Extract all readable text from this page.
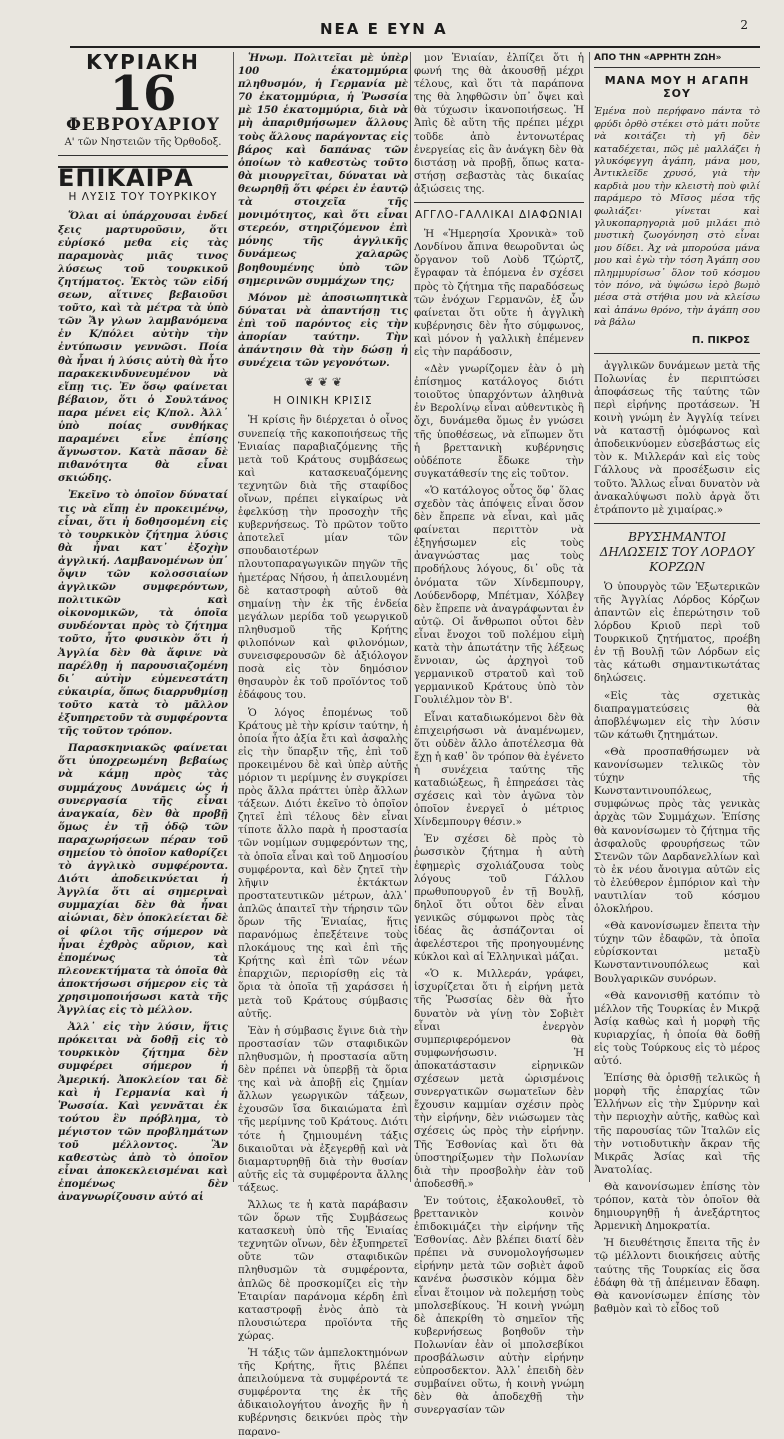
ΝΕΑ Ε ΕΥΝ Α	2
ΚΥΡΙΑΚΗ
16
ΦΕΒΡΟΥΑΡΙΟΥ
Α' τῶν Νηστειῶν τῆς Ὀρθοδοξ.
ΕΠΙΚΑΙΡΑ
Η ΛΥΣΙΣ ΤΟΥ ΤΟΥΡΚΙΚΟΥ

Ὅλαι αἱ ὑπάρχουσαι ἐνδεί ξεις μαρτυροῦσιν, ὅτι εὐρίσκό μεθα εἰς τὰς παραμονὰς μιᾶς τινος λύσεως τοῦ τουρκικοῦ ζητήματος. Ἐκτὸς τῶν εἰδή σεων, αἵτινες βεβαιοῦσι τοῦτο, καὶ τὰ μέτρα τὰ ὑπὸ τῶν Ἄγ γλων λαμβανόμενα ἐν Κ/πόλει αὐτὴν τὴν ἐντύπωσιν γεννῶσι. Ποία θὰ ἦναι ἡ λύσις αὐτὴ θὰ ἦτο παρακεκινδυνευμένον νὰ εἴπῃ τις. Ἐν ὅσῳ φαίνεται βέβαιον, ὅτι ὁ Σουλτάνος παρα μένει εἰς Κ/πολ. Ἀλλ᾽ ὑπὸ ποίας συνθήκας παραμένει εἶνε ἐπίσης ἄγνωστον. Κατὰ πᾶσαν δὲ πιθανότητα θὰ εἶναι σκιώδης.

Ἐκεῖνο τὸ ὁποῖον δύναταί τις νὰ εἴπῃ ἐν προκειμένῳ, εἶναι, ὅτι ἡ δοθησομένη εἰς τὸ τουρκικὸν ζήτημα λύσις θὰ ἦναι κατ᾽ ἐξοχὴν ἀγγλική. Λαμβανομένων ὑπ᾽ ὄψιν τῶν κολοσσιαίων ἀγγλικῶν συμφερόντων, πολιτικῶν καὶ οἰκονομικῶν, τὰ ὁποῖα συνδέονται πρὸς τὸ ζήτημα τοῦτο, ἦτο φυσικὸν ὅτι ἡ Ἀγγλία δὲν θὰ ἄφινε νὰ παρέλθῃ ἡ παρουσιαζομένη δι᾽ αὐτὴν εὐμενεστάτη εὐκαιρία, ὅπως διαρρυθμίσῃ τοῦτο κατὰ τὸ μᾶλλον ἐξυπηρετοῦν τὰ συμφέροντα τῆς τοῦτον τρόπον.

Παρασκηνιακῶς φαίνεται ὅτι ὑποχρεωμένη βεβαίως νὰ κάμῃ πρὸς τὰς συμμάχους Δυνάμεις ὡς ἡ συνεργασία τῆς εἶναι ἀναγκαία, δὲν θὰ προβῇ ὅμως ἐν τῇ ὁδῷ τῶν παραχωρήσεων πέραν τοῦ σημείου τὸ ὁποῖον καθορίζει τὸ ἀγγλικὸ συμφέροντα. Διότι ἀποδεικνύεται ἡ Ἀγγλία ὅτι αἱ σημεριναὶ συμμαχίαι δὲν θὰ ἦναι αἰώνιαι, δὲν ὁποκλείεται δὲ οἱ φίλοι τῆς σήμερον νὰ ἦναι ἐχθρὸς αὔριον, καὶ ἐπομένως τὰ πλεονεκτήματα τὰ ὁποῖα θὰ ἀποκτήσωσι σήμερον εἰς τὰ χρησιμοποιήσωσι κατὰ τῆς Ἀγγλίας εἰς τὸ μέλλον.

Ἀλλ᾽ εἰς τὴν λύσιν, ἥτις πρόκειται νὰ δοθῇ εἰς τὸ τουρκικὸν ζήτημα δὲν συμφέρει σήμερον ἡ Ἀμερική. Ἀποκλείον ται δὲ καὶ ἡ Γερμανία καὶ ἡ Ῥωσσία. Καὶ γεννᾶται ἐκ τούτου ἓν πρόβλημα, τὸ μέγιστον τῶν προβλημάτων τοῦ μέλλοντος. Ἂν καθεστὼς ἀπὸ τὸ ὁποῖον εἶναι ἀποκεκλεισμέναι καὶ ἐπομένως δὲν ἀναγνωρίζουσιν αὐτό αἱ

Ἡνωμ. Πολιτεῖαι μὲ ὑπὲρ 100 ἑκατομμύρια πληθυσμόν, ἡ Γερμανία μὲ 70 ἑκατομμύρια, ἡ Ῥωσσία μὲ 150 ἑκατομμύρια, διὰ νὰ μὴ ἀπαριθμήσωμεν ἄλλους τοὺς ἄλλους παράγοντας εἰς βάρος καὶ δαπάνας τῶν ὁποίων τὸ καθεστὼς τοῦτο θὰ μιουργεῖται, δύναται νὰ θεωρηθῇ ὅτι φέρει ἐν ἑαυτῷ τὰ στοιχεῖα τῆς μονιμότητος, καὶ ὅτι εἶναι στερεόν, στηριζόμενον ἐπὶ μόνης τῆς ἀγγλικῆς δυνάμεως χαλαρῶς βοηθουμένης ὑπὸ τῶν σημερινῶν συμμάχων της;

Μόνον μὲ ἀποσιωπητικὰ δύναται νὰ ἀπαντήσῃ τις ἐπὶ τοῦ παρόντος εἰς τὴν ἀπορίαν ταύτην. Τὴν ἀπάντησιν θὰ τὴν δώσῃ ἡ συνέχεια τῶν γεγονότων.

❦ ❦ ❦
Η ΟΙΝΙΚΗ ΚΡΙΣΙΣ

Ἡ κρίσις ἣν διέρχεται ὁ οἶνος συνεπείᾳ τῆς κακοποιήσεως τῆς Ἑνιαίας παραβιαζόμενης τῆς μετὰ τοῦ Κράτους συμβάσεως καὶ κατασκευαζόμενης τεχνητῶν διὰ τῆς σταφίδος οἴνων, πρέπει εἰγκαίρως νὰ ἐφελκύσῃ τὴν προσοχὴν τῆς κυβερνήσεως. Τὸ πρῶτον τοῦτο ἀποτελεῖ μίαν τῶν σπουδαιοτέρων πλουτοπαραγωγικῶν πηγῶν τῆς ἡμετέρας Νήσου, ἡ ἀπειλουμένη δὲ καταστροφὴ αὐτοῦ θὰ σημαίνῃ τὴν ἐκ τῆς ἐνδεία μεγάλων μερίδα τοῦ γεωργικοῦ πληθυσμοῦ τῆς Κρήτης φιλοπόνων καὶ φιλονόμων, συνεισφερουσῶν δὲ ἀξιόλογον ποσὰ εἰς τὸν δημόσιον θησαυρὸν ἐκ τοῦ προϊόντος τοῦ ἐδάφους του.

Ὁ λόγος ἐπομένως τοῦ Κράτους μὲ τὴν κρίσιν ταύτην, ἡ ὁποία ἦτο ἀξία ἔτι καὶ ἀσφαλὴς εἰς τὴν ὕπαρξιν τῆς, ἐπὶ τοῦ προκειμένου δὲ καὶ ὑπὲρ αὐτῆς μόριον τι μερίμνης ἐν συγκρίσει πρὸς ἄλλα πράττει ὑπὲρ ἄλλων τάξεων. Διότι ἐκεῖνο τὸ ὁποῖον ζητεῖ ἐπὶ τέλους δὲν εἶναι τίποτε ἄλλο παρὰ ἡ προστασία τῶν νομίμων συμφερόντων της, τὰ ὁποῖα εἶναι καὶ τοῦ Δημοσίου συμφέροντα, καὶ δὲν ζητεῖ τὴν λῆψιν ἐκτάκτων προστατευτικῶν μέτρων, ἀλλ᾽ ἁπλῶς ἀπαιτεῖ τὴν τήρησιν τῶν ὅρων τῆς Ἑνιαίας, ἥτις παρανόμως ἐπεξέτεινε τοὺς πλοκάμους της καὶ ἐπὶ τῆς Κρήτης καὶ ἐπὶ τῶν νέων ἐπαρχιῶν, περιορίσθῃ εἰς τὰ ὅρια τὰ ὁποῖα τῇ χαράσσει ἡ μετὰ τοῦ Κράτους σύμβασις αὐτῆς.

Ἐὰν ἡ σύμβασις ἔγινε διὰ τὴν προστασίαν τῶν σταφιδικῶν πληθυσμῶν, ἡ προστασία αὕτη δὲν πρέπει νὰ ὑπερβῇ τὰ ὅρια της καὶ νὰ ἀποβῇ εἰς ζημίαν ἄλλων γεωργικῶν τάξεων, ἐχουσῶν ἴσα δικαιώματα ἐπὶ τῆς μερίμνης τοῦ Κράτους. Διότι τότε ἡ ζημιουμένη τάξις δικαιοῦται νὰ ἐξεγερθῇ καὶ νὰ διαμαρτυρηθῇ διὰ τὴν θυσίαν αὐτῆς εἰς τὰ συμφέροντα ἄλλης τάξεως.

Ἄλλως τε ἡ κατὰ παράβασιν τῶν ὅρων τῆς Συμβάσεως κατασκευὴ ὑπὸ τῆς Ἑνιαίας τεχνητῶν οἴνων, δὲν ἐξυπηρετεῖ οὔτε τῶν σταφιδικῶν πληθυσμῶν τὰ συμφέροντα, ἀπλῶς δὲ προσκομίζει εἰς τὴν Ἑταιρίαν παράνομα κέρδη ἐπὶ καταστροφῇ ἑνὸς ἀπὸ τὰ πλουσιώτερα προϊόντα τῆς χώρας.

Ἡ τάξις τῶν ἀμπελοκτημόνων τῆς Κρήτης, ἥτις βλέπει ἀπειλούμενα τὰ συμφέροντά τε συμφέροντα της ἐκ τῆς ἀδικαιολογήτου ἀνοχῆς ἣν ἡ κυβέρνησις δεικνύει πρὸς τὴν παρανο-

μον Ἑνιαίαν, ἐλπίζει ὅτι ἡ φωνή της θὰ ἀκουσθῇ μέχρι τέλους, καὶ ὅτι τὰ παράπονα της θὰ ληφθῶσιν ὑπ᾽ ὄψει καὶ θὰ τύχωσιν ἱκανοποιήσεως. Ἡ Ἀπὶς δὲ αὕτη τῆς πρέπει μέχρι τοῦδε ἀπὸ ἐντονωτέρας ἐνεργείας εἰς ἂν ἀνάγκη δὲν θὰ διστάσῃ νὰ προβῇ, ὅπως κατα- στήσῃ σεβαστὰς τὰς δικαίας ἀξιώσεις της.

ΑΓΓΛΟ-ΓΑΛΛΙΚΑΙ ΔΙΑΦΩΝΙΑΙ

Ἡ «Ἡμερησία Χρονικὰ» τοῦ Λονδίνου ἄπινα θεωροῦνται ὡς ὄργανον τοῦ Λοὺδ Τζώρτζ, ἔγραφαν τὰ ἑπόμενα ἐν σχέσει πρὸς τὸ ζήτημα τῆς παραδόσεως τῶν ἐνόχων Γερμανῶν, ἐξ ὧν φαίνεται ὅτι οὔτε ἡ ἀγγλικὴ κυβέρνησις δὲν ἦτο σύμφωνος, καὶ μόνον ἡ γαλλικὴ ἐπέμενεν εἰς τὴν παράδοσιν,

«Δὲν γνωρίζομεν ἐὰν ὁ μὴ ἐπίσημος κατάλογος διότι τοιοῦτος ὑπαρχόντων ἀληθινὰ ἐν Βερολίνῳ εἶναι αὐθεντικὸς ἢ ὄχι, δυνάμεθα ὅμως ἐν γνώσει τῆς ὑποθέσεως, νὰ εἴπωμεν ὅτι ἡ βρεττανικὴ κυβέρνησις οὐδέποτε ἔδωκε τὴν συγκατάθεσίν της εἰς τοῦτον.

«Ὁ κατάλογος οὗτος ὅφ᾽ ὅλας σχεδὸν τὰς ἀπόψεις εἶναι ὅσον δὲν ἔπρεπε νὰ εἶναι, καὶ μᾶς φαίνεται περιττὸν νὰ ἐξηγήσωμεν εἰς τοὺς ἀναγνώστας μας τοὺς προδήλους λόγους, δι᾽ οὓς τὰ ὀνόματα τῶν Χίνδεμπουργ, Λούδενδορφ, Μπέτμαν, Χόλβεγ δὲν ἔπρεπε νὰ ἀναγράφωνται ἐν αὐτῷ. Οἱ ἄνθρωποι οὗτοι δὲν εἶναι ἔνοχοι τοῦ πολέμου εἰμὴ κατὰ τὴν ἀπωτάτην τῆς λέξεως ἔννοιαν, ὡς ἀρχηγοὶ τοῦ γερμανικοῦ στρατοῦ καὶ τοῦ γερμανικοῦ Κράτους ὑπὸ τὸν Γουλιέλμον τὸν Β'.

Εἶναι καταδιωκόμενοι δὲν θὰ ἐπιχειρήσωσι νὰ ἀναμένωμεν, ὅτι οὐδὲν ἄλλο ἀποτέλεσμα θὰ ἔχῃ ἡ καθ᾽ ὃν τρόπον θὰ ἐγένετο ἡ συνέχεια ταύτης τῆς καταδιώξεως, ἢ ἐπηρεάσει τὰς σχέσεις καὶ τὸν ἀγῶνα τὸν ὁποῖον ἐνεργεῖ ὁ μέτριος Χίνδεμπουργ θέσιν.»

Ἐν σχέσει δὲ πρὸς τὸ ῥωσσικὸν ζήτημα ἡ αὐτὴ ἐφημερὶς σχολιάζουσα τοὺς λόγους τοῦ Γάλλου πρωθυπουργοῦ ἐν τῇ Βουλῇ, δηλοῖ ὅτι οὗτοι δὲν εἶναι γενικῶς σύμφωνοι πρὸς τὰς ἰδέας ἃς ἀσπάζονται οἱ ἀφελέστεροι τῆς προηγουμένης κύκλοι καὶ αἱ Ἑλληνικαὶ μάζαι.

«Ὁ κ. Μιλλεράν, γράφει, ἰσχυρίζεται ὅτι ἡ εἰρήνη μετὰ τῆς Ῥωσσίας δὲν θὰ ἦτο δυνατὸν νὰ γίνῃ τὸν Σοβιὲτ εἶναι ἐνεργὸν συμπεριφερόμενον θὰ συμφωνήσωσιν. Ἡ ἀποκατάστασιν εἰρηνικῶν σχέσεων μετὰ ὡρισμένοις συνεργατικῶν σωματεῖων δὲν ἔχουσιν καμμίαν σχέσιν πρὸς τὴν εἰρήνην, δὲν νιώσωμεν τὰς σχέσεις ὡς πρὸς τὴν εἰρήνην. Τῆς Ἑσθονίας καὶ ὅτι θὰ ὑποστηρίξωμεν τὴν Πολωνίαν διὰ τὴν προσβολὴν ἐὰν τοῦ ἀποδεσθῆ.»

Ἐν τούτοις, ἐξακολουθεῖ, τὸ βρεττανικὸν κοινὸν ἐπιδοκιμάζει τὴν εἰρήνην τῆς Ἑσθονίας. Δὲν βλέπει διατί δὲν πρέπει νὰ συνομολογήσωμεν εἰρήνην μετὰ τῶν σοβιὲτ ἀφοῦ κανένα ῥωσσικὸν κόμμα δὲν εἶναι ἕτοιμον νὰ πολεμήσῃ τοὺς μπολσεβίκους. Ἡ κοινὴ γνώμη δὲ ἀπεκρίθη τὸ σημεῖον τῆς κυβερνήσεως βοηθοῦν τὴν Πολωνίαν ἐὰν οἱ μπολσεβίκοι προσβάλωσιν αὐτὴν εἰρήνην εὐπροσδεκτον. Ἀλλ᾽ ἐπειδὴ δὲν συμβαίνει οὕτω, ἡ κοινὴ γνώμη δὲν θὰ ἀποδεχθῇ τὴν συνεργασίαν τῶν

ΑΠΟ ΤΗΝ «ΑΡΡΗΤΗ ΖΩΗ»
ΜΑΝΑ ΜΟΥ Η ΑΓΑΠΗ ΣΟΥ

Ἐμένα ποὺ περήφανο πάντα τὸ φρύδι ὀρθὸ στέκει στὸ μάτι ποὔτε νὰ κοιτάζει τὴ γῆ δὲν καταδέχεται, πῶς μὲ μαλλάζει ἡ γλυκόφεγγη ἀγάπη, μάνα μου, Ἀντικλεῖδε χρυσό, γιὰ τὴν καρδιὰ μου τὴν κλειστὴ ποὺ φιλί παράμερο τὸ Μῖσος μέσα τῆς φωλιάζει· γίνεται καὶ γλυκοπαρηγοριὰ μοῦ μιλάει πιὸ μυστικὴ ζωογόνηση στὸ εἶναι μου δίδει. Ἀχ νὰ μπορούσα μάνα μου καὶ ἐγὼ τὴν τόση Ἀγάπη σου πλημμυρίσωσ᾽ ὅλον τοῦ κόσμου τὸν πόνο, νὰ ὑψώσω ἱερὸ βωμὸ μέσα στὰ στήθια μου νὰ κλείσω καὶ ἀπάνω θρόνο, τὴν ἀγάπη σου νὰ βάλω

Π. ΠΙΚΡΟΣ

ἀγγλικῶν δυνάμεων μετὰ τῆς Πολωνίας ἐν περιπτώσει ἀποφάσεως τῆς ταύτης τῶν περὶ εἰρήνης προτάσεων. Ἡ κοινὴ γνώμη ἐν Ἀγγλίᾳ τείνει νὰ καταστῇ ὁμόφωνος καὶ ἀποδεικνύομεν εὐσεβάστως εἰς τὸν κ. Μιλλεράν καὶ εἰς τοὺς Γάλλους νὰ προσέξωσιν εἰς τοῦτο. Ἄλλως εἶναι δυνατὸν νὰ ἀνακαλύψωσι πολὺ ἀργὰ ὅτι ἐτράποντο μὲ χιμαίρας.»

ΒΡΥΣΗΜΑΝΤΟΙ ΔΗΛΩΣΕΙΣ ΤΟΥ ΛΟΡΔΟΥ ΚΟΡΖΩΝ

Ὁ ὑπουργὸς τῶν Ἐξωτερικῶν τῆς Ἀγγλίας Λόρδος Κόρζων ἀπαντῶν εἰς ἐπερώτησιν τοῦ λόρδου Κριοῦ περὶ τοῦ Τουρκικοῦ ζητήματος, προέβη ἐν τῇ Βουλῇ τῶν Λόρδων εἰς τὰς κάτωθι σημαντικωτάτας δηλώσεις.

«Εἰς τὰς σχετικὰς διαπραγματεύσεις θὰ ἀποβλέψωμεν εἰς τὴν λύσιν τῶν κάτωθι ζητημάτων.

«Θὰ προσπαθήσωμεν νὰ κανονίσωμεν τελικῶς τὸν τύχην τῆς Κωνσταντινουπόλεως, συμφώνως πρὸς τὰς γενικὰς ἀρχὰς τῶν Συμμάχων. Ἐπίσης θὰ κανονίσωμεν τὸ ζήτημα τῆς ἀσφαλοῦς φρουρήσεως τῶν Στενῶν τῶν Δαρδανελλίων καὶ τὸ ἐκ νέου ἄνοιγμα αὐτῶν εἰς τὸ ἐλεύθερον ἐμπόριον καὶ τὴν ναυτιλίαν τοῦ κόσμου ὁλοκλήρου.

«Θὰ κανονίσωμεν ἔπειτα τὴν τύχην τῶν ἐδαφῶν, τὰ ὁποῖα εὑρίσκονται μεταξὺ Κωνσταντινουπόλεως καὶ Βουλγαρικῶν συνόρων.

«Θὰ κανονισθῇ κατόπιν τὸ μέλλον τῆς Τουρκίας ἐν Μικρᾷ Ἀσίᾳ καθὼς καὶ ἡ μορφὴ τῆς κυριαρχίας, ἡ ὁποία θὰ δοθῇ εἰς τοὺς Τούρκους εἰς τὸ μέρος αὐτό.

Ἐπίσης θὰ ὁρισθῇ τελικῶς ἡ μορφὴ τῆς ἐπαρχίας τῶν Ἑλλήνων εἰς τὴν Σμύρνην καὶ τὴν περιοχὴν αὐτῆς, καθὼς καὶ τῆς παρουσίας τῶν Ἰταλῶν εἰς τὴν νοτιοδυτικὴν ἄκραν τῆς Μικρᾶς Ἀσίας καὶ τῆς Ἀνατολίας.

Θὰ κανονίσωμεν ἐπίσης τὸν τρόπον, κατὰ τὸν ὁποῖον θὰ δημιουργηθῇ ἡ ἀνεξάρτητος Ἀρμενικὴ Δημοκρατία.

Ἡ διευθέτησις ἔπειτα τῆς ἐν τῷ μέλλοντι διοικήσεις αὐτῆς ταύτης τῆς Τουρκίας εἰς ὅσα ἐδάφη θὰ τῇ ἀπέμειναν ἔδαφη. Θὰ κανονίσωμεν ἐπίσης τὸν βαθμὸν καὶ τὸ εἶδος τοῦ
